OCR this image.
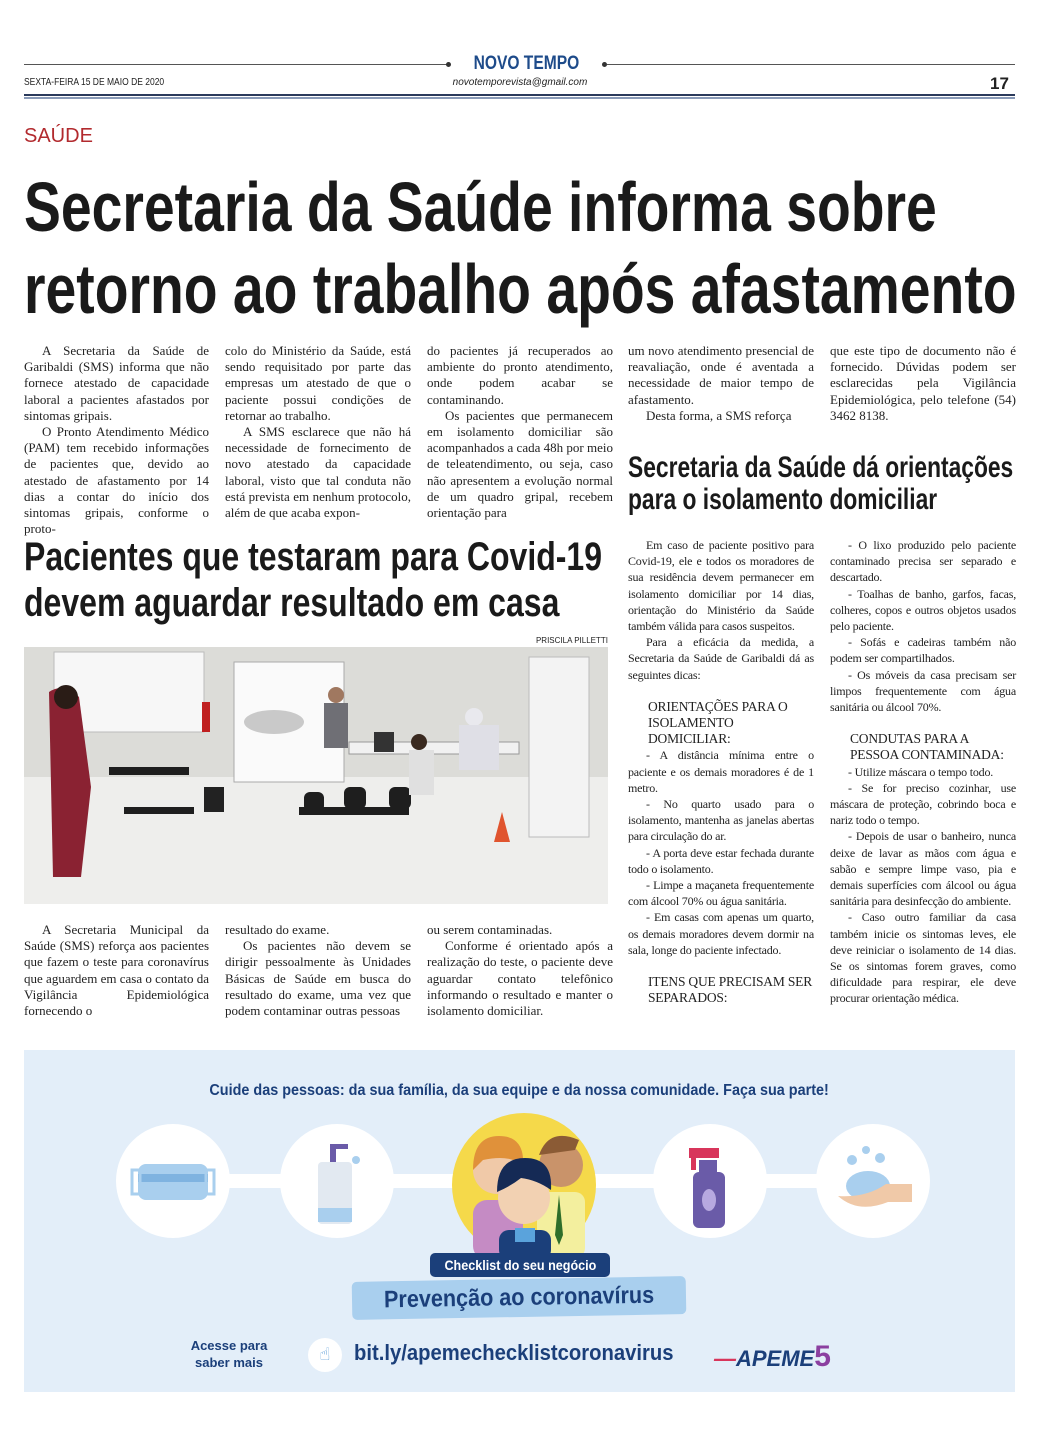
NOVO TEMPO
SEXTA-FEIRA 15 DE MAIO DE 2020	novotemporevista@gmail.com	17
SAÚDE
Secretaria da Saúde informa sobre
retorno ao trabalho após afastamento

A Secretaria da Saúde de Garibaldi (SMS) informa que não fornece atestado de capacidade laboral a pacientes afastados por sintomas gripais.

O Pronto Atendimento Médico (PAM) tem recebido informações de pacientes que, devido ao atestado de afastamento por 14 dias a contar do início dos sintomas gripais, conforme o proto-

colo do Ministério da Saúde, está sendo requisitado por parte das empresas um atestado de que o paciente possui condições de retornar ao trabalho.

A SMS esclarece que não há necessidade de fornecimento de novo atestado da capacidade laboral, visto que tal conduta não está prevista em nenhum protocolo, além de que acaba expon-

do pacientes já recuperados ao ambiente do pronto atendimento, onde podem acabar se contaminando.

Os pacientes que permanecem em isolamento domiciliar são acompanhados a cada 48h por meio de teleatendimento, ou seja, caso não apresentem a evolução normal de um quadro gripal, recebem orientação para

um novo atendimento presencial de reavaliação, onde é aventada a necessidade de maior tempo de afastamento.

Desta forma, a SMS reforça

que este tipo de documento não é fornecido. Dúvidas podem ser esclarecidas pela Vigilância Epidemiológica, pelo telefone (54) 3462 8138.

Secretaria da Saúde dá orientações
para o isolamento domiciliar
Pacientes que testaram para Covid-19
devem aguardar resultado em casa
PRISCILA PILLETTI

A Secretaria Municipal da Saúde (SMS) reforça aos pacientes que fazem o teste para coronavírus que aguardem em casa o contato da Vigilância Epidemiológica fornecendo o

resultado do exame.

Os pacientes não devem se dirigir pessoalmente às Unidades Básicas de Saúde em busca do resultado do exame, uma vez que podem contaminar outras pessoas

ou serem contaminadas.

Conforme é orientado após a realização do teste, o paciente deve aguardar contato telefônico informando o resultado e manter o isolamento domiciliar.

Em caso de paciente positivo para Covid-19, ele e todos os moradores de sua residência devem permanecer em isolamento domiciliar por 14 dias, orientação do Ministério da Saúde também válida para casos suspeitos.

Para a eficácia da medida, a Secretaria da Saúde de Garibaldi dá as seguintes dicas:

ORIENTAÇÕES PARA O ISOLAMENTO DOMICILIAR:

- A distância mínima entre o paciente e os demais moradores é de 1 metro.

- No quarto usado para o isolamento, mantenha as janelas abertas para circulação do ar.

- A porta deve estar fechada durante todo o isolamento.

- Limpe a maçaneta frequentemente com álcool 70% ou água sanitária.

- Em casas com apenas um quarto, os demais moradores devem dormir na sala, longe do paciente infectado.

ITENS QUE PRECISAM SER SEPARADOS:

- O lixo produzido pelo paciente contaminado precisa ser separado e descartado.

- Toalhas de banho, garfos, facas, colheres, copos e outros objetos usados pelo paciente.

- Sofás e cadeiras também não podem ser compartilhados.

- Os móveis da casa precisam ser limpos frequentemente com água sanitária ou álcool 70%.

CONDUTAS PARA A PESSOA CONTAMINADA:

- Utilize máscara o tempo todo.

- Se for preciso cozinhar, use máscara de proteção, cobrindo boca e nariz todo o tempo.

- Depois de usar o banheiro, nunca deixe de lavar as mãos com água e sabão e sempre limpe vaso, pia e demais superfícies com álcool ou água sanitária para desinfecção do ambiente.

- Caso outro familiar da casa também inicie os sintomas leves, ele deve reiniciar o isolamento de 14 dias. Se os sintomas forem graves, como dificuldade para respirar, ele deve procurar orientação médica.

Cuide das pessoas: da sua família, da sua equipe e da nossa comunidade. Faça sua parte!
Checklist do seu negócio
Prevenção ao coronavírus
Acesse para saber mais	☝	bit.ly/apemechecklistcoronavirus	—APEME5
